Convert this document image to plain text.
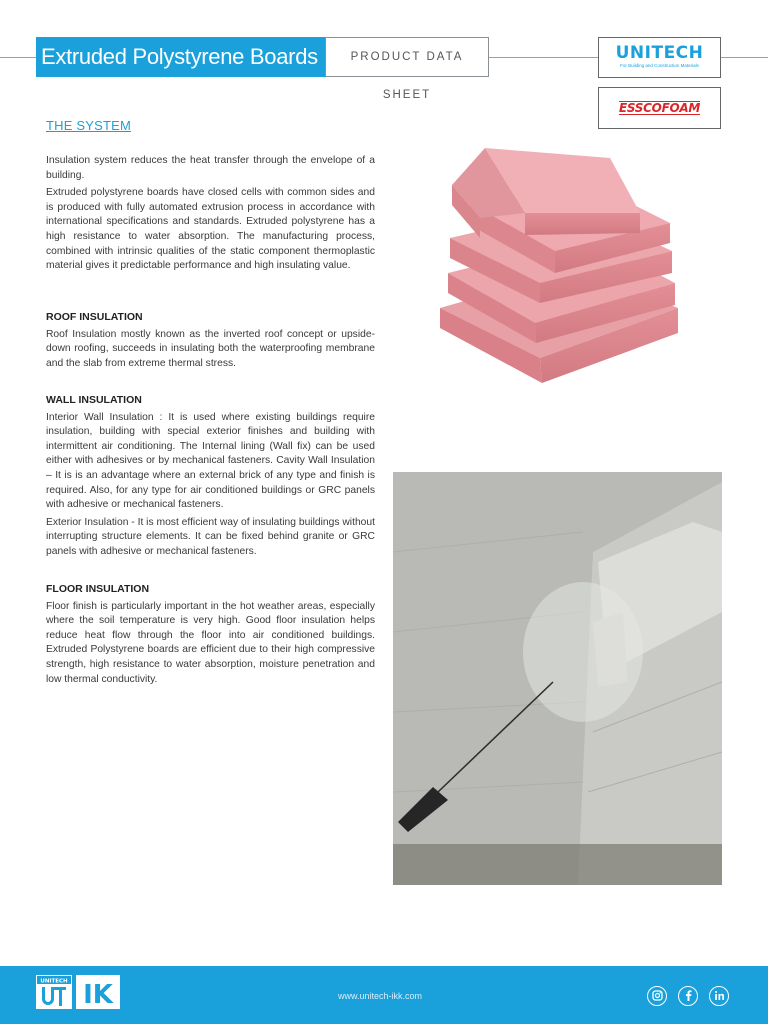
Extruded Polystyrene Boards	PRODUCT DATA SHEET
UNITECH
For Building and Construction Materials
ESSCOFOAM
THE SYSTEM

Insulation system reduces the heat transfer through the envelope of a building.

Extruded polystyrene boards have closed cells with common sides and is produced with fully automated extrusion process in accordance with international specifications and standards. Extruded polystyrene has a high resistance to water absorption. The manufacturing process, combined with intrinsic qualities of the static component thermoplastic material gives it predictable performance and high insulating value.

ROOF INSULATION

Roof Insulation mostly known as the inverted roof concept or upside-down roofing, succeeds in insulating both the waterproofing membrane and the slab from extreme thermal stress.

WALL INSULATION

Interior Wall Insulation : It is used where existing buildings require insulation, building with special exterior finishes and building with intermittent air conditioning. The Internal lining (Wall fix) can be used either with adhesives or by mechanical fasteners. Cavity Wall Insulation – It is is an advantage where an external brick of any type and finish is required. Also, for any type for air conditioned buildings or GRC panels with adhesive or mechanical fasteners.

Exterior Insulation - It is most efficient way of insulating buildings without interrupting structure elements. It can be fixed behind granite or GRC panels with adhesive or mechanical fasteners.

FLOOR INSULATION

Floor finish is particularly important in the hot weather areas, especially where the soil temperature is very high. Good floor insulation helps reduce heat flow through the floor into air conditioned buildings. Extruded Polystyrene boards are efficient due to their high compressive strength, high resistance to water absorption, moisture penetration and low thermal conductivity.

UNITECH IK	www.unitech-ikk.com
